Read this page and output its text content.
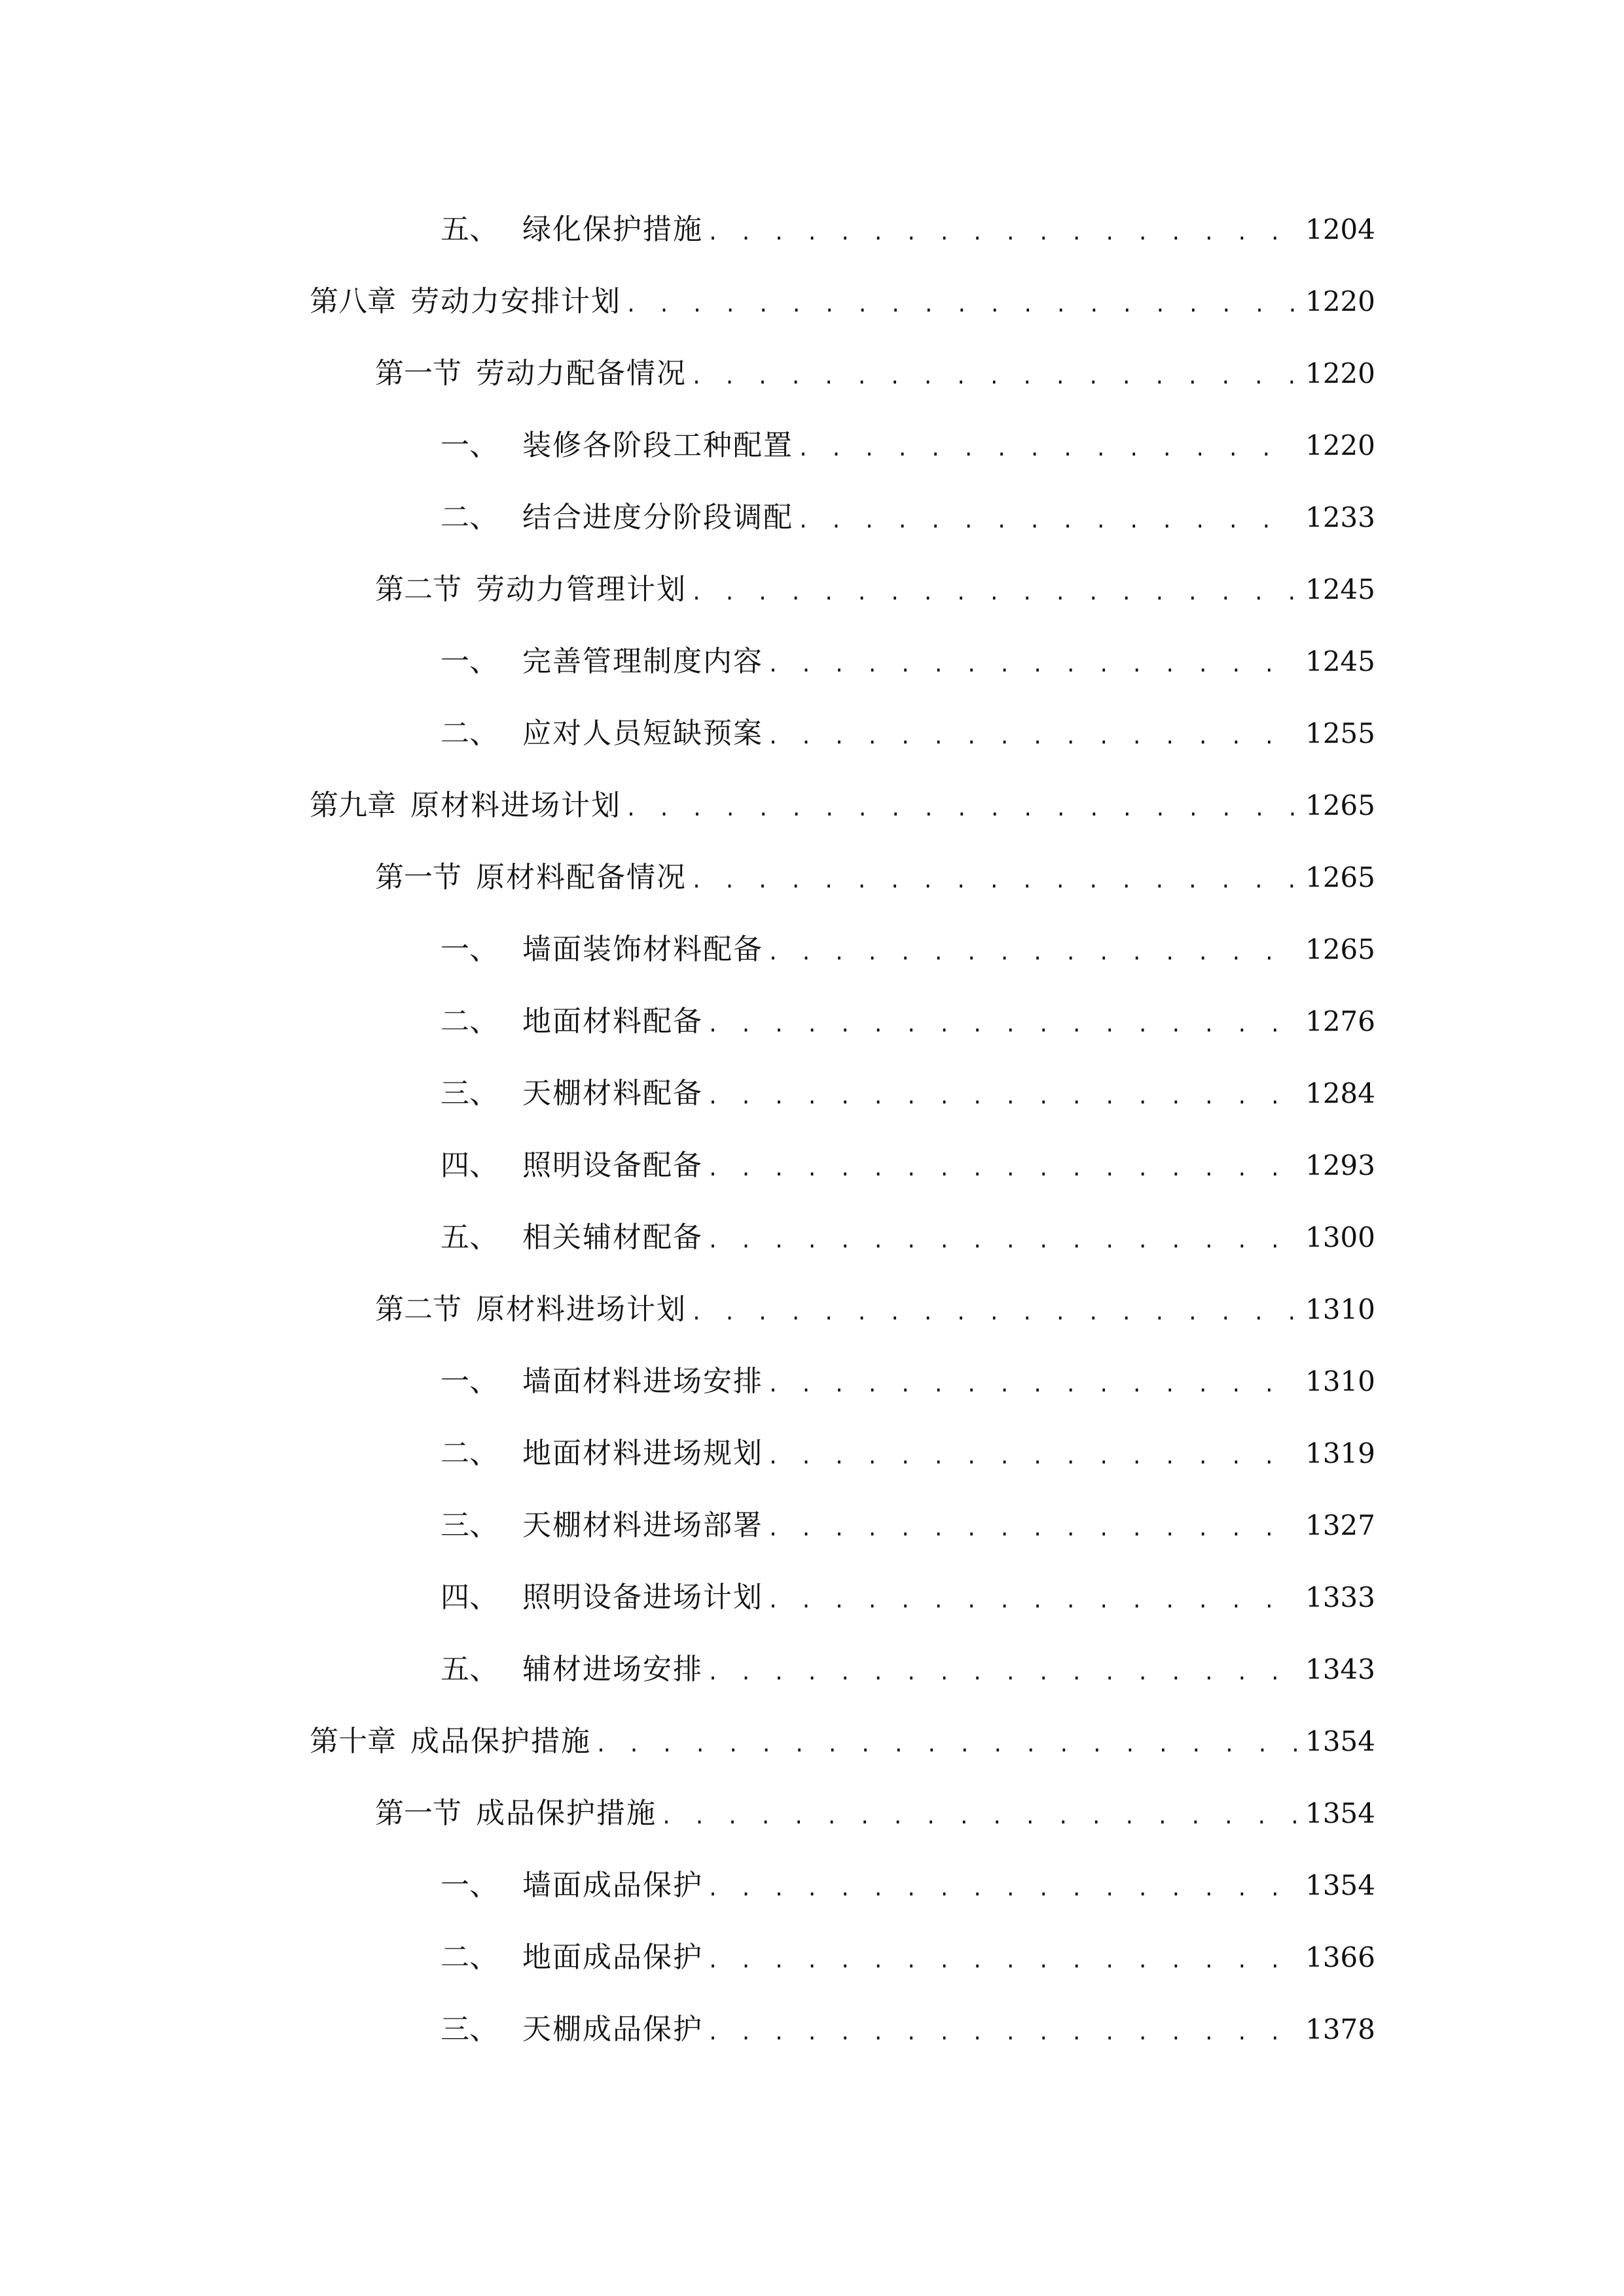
五、 绿化保护措施 . . .	1204
第八章 劳动力安排计划 . . .	1220
第一节 劳动力配备情况 . . .	1220
一、 装修各阶段工种配置 . . .	1220
二、 结合进度分阶段调配 . . .	1233
第二节 劳动力管理计划 . . .	1245
一、 完善管理制度内容 . . .	1245
二、 应对人员短缺预案 . . .	1255
第九章 原材料进场计划 . . .	1265
第一节 原材料配备情况 . . .	1265
一、 墙面装饰材料配备 . . .	1265
二、 地面材料配备 . . .	1276
三、 天棚材料配备 . . .	1284
四、 照明设备配备 . . .	1293
五、 相关辅材配备 . . .	1300
第二节 原材料进场计划 . . .	1310
一、 墙面材料进场安排 . . .	1310
二、 地面材料进场规划 . . .	1319
三、 天棚材料进场部署 . . .	1327
四、 照明设备进场计划 . . .	1333
五、 辅材进场安排 . . .	1343
第十章 成品保护措施 . . .	1354
第一节 成品保护措施 . . .	1354
一、 墙面成品保护 . . .	1354
二、 地面成品保护 . . .	1366
三、 天棚成品保护 . . .	1378
